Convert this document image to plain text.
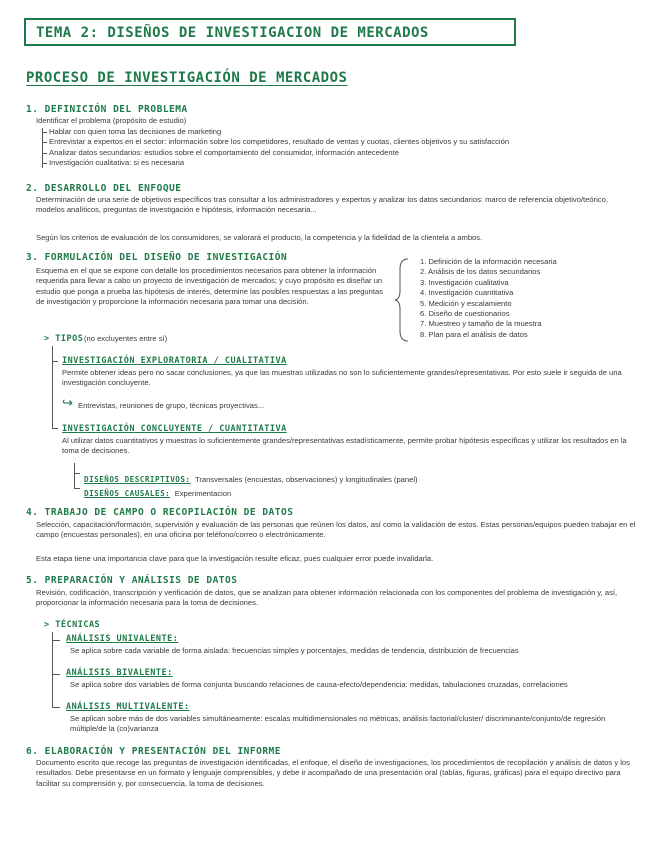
TEMA 2: DISEÑOS DE INVESTIGACION DE MERCADOS
PROCESO DE INVESTIGACIÓN DE MERCADOS
1. DEFINICIÓN DEL PROBLEMA
Identificar el problema (propósito de estudio)
Hablar con quien toma las decisiones de marketing
Entrevistar a expertos en el sector: información sobre los competidores, resultado de ventas y cuotas, clientes objetivos y su satisfacción
Analizar datos secundarios: estudios sobre el comportamiento del consumidor, información antecedente
Investigación cualitativa: si es necesaria
2. DESARROLLO DEL ENFOQUE
Determinación de una serie de objetivos específicos tras consultar a los administradores y expertos y analizar los datos secundarios: marco de referencia objetivo/teórico, modelos analíticos, preguntas de investigación e hipótesis, información necesaria...
Según los criterios de evaluación de los consumidores, se valorará el producto, la competencia y la fidelidad de la clientela a ambos.
3. FORMULACIÓN DEL DISEÑO DE INVESTIGACIÓN
Esquema en el que se expone con detalle los procedimientos necesarios para obtener la información requerida para llevar a cabo un proyecto de investigación de mercados; y cuyo propósito es diseñar un estudio que ponga a prueba las hipótesis de interés, determine las posibles respuestas a las preguntas de investigación y proporcione la información necesaria para tomar una decisión.
1. Definición de la información necesaria
2. Análisis de los datos secundarios
3. Investigación cualitativa
4. Investigación cuantitativa
5. Medición y escalamiento
6. Diseño de cuestionarios
7. Muestreo y tamaño de la muestra
8. Plan para el análisis de datos
> TIPOS (no excluyentes entre sí)
INVESTIGACIÓN EXPLORATORIA / CUALITATIVA
Permite obtener ideas pero no sacar conclusiones, ya que las muestras utilizadas no son lo suficientemente grandes/representativas. Por esto suele ir seguida de una investigación concluyente.
↪ Entrevistas, reuniones de grupo, técnicas proyectivas...
INVESTIGACIÓN CONCLUYENTE / CUANTITATIVA
Al utilizar datos cuantitativos y muestras lo suficientemente grandes/representativas estadísticamente, permite probar hipótesis específicas y utilizar los resultados en la toma de decisiones.
DISEÑOS DESCRIPTIVOS: Transversales (encuestas, observaciones) y longitudinales (panel)
DISEÑOS CAUSALES: Experimentacion
4. TRABAJO DE CAMPO O RECOPILACIÓN DE DATOS
Selección, capacitación/formación, supervisión y evaluación de las personas que reúnen los datos, así como la validación de estos. Estas personas/equipos pueden trabajar en el campo (encuestas personales), en una oficina por teléfono/correo o electrónicamente.
Esta etapa tiene una importancia clave para que la investigación resulte eficaz, pues cualquier error puede invalidarla.
5. PREPARACIÓN Y ANÁLISIS DE DATOS
Revisión, codificación, transcripción y verificación de datos, que se analizan para obtener información relacionada con los componentes del problema de investigación y, así, proporcionar la información necesaria para la toma de decisiones.
> TÉCNICAS
ANÁLISIS UNIVALENTE:
Se aplica sobre cada variable de forma aislada: frecuencias simples y porcentajes, medidas de tendencia, distribución de frecuencias
ANÁLISIS BIVALENTE:
Se aplica sobre dos variables de forma conjunta buscando relaciones de causa-efecto/dependencia: medidas, tabulaciones cruzadas, correlaciones
ANÁLISIS MULTIVALENTE:
Se aplican sobre más de dos variables simultáneamente: escalas multidimensionales no métricas, análisis factorial/cluster/ discriminante/conjunto/de regresión múltiple/de la (co)varianza
6. ELABORACIÓN Y PRESENTACIÓN DEL INFORME
Documento escrito que recoge las preguntas de investigación identificadas, el enfoque, el diseño de investigaciones, los procedimientos de recopilación y análisis de datos y los resultados. Debe presentarse en un formato y lenguaje comprensibles, y debe ir acompañado de una presentación oral (tablas, figuras, gráficas) para el equipo directivo para facilitar su comprensión y, por consecuencia, la toma de decisiones.
